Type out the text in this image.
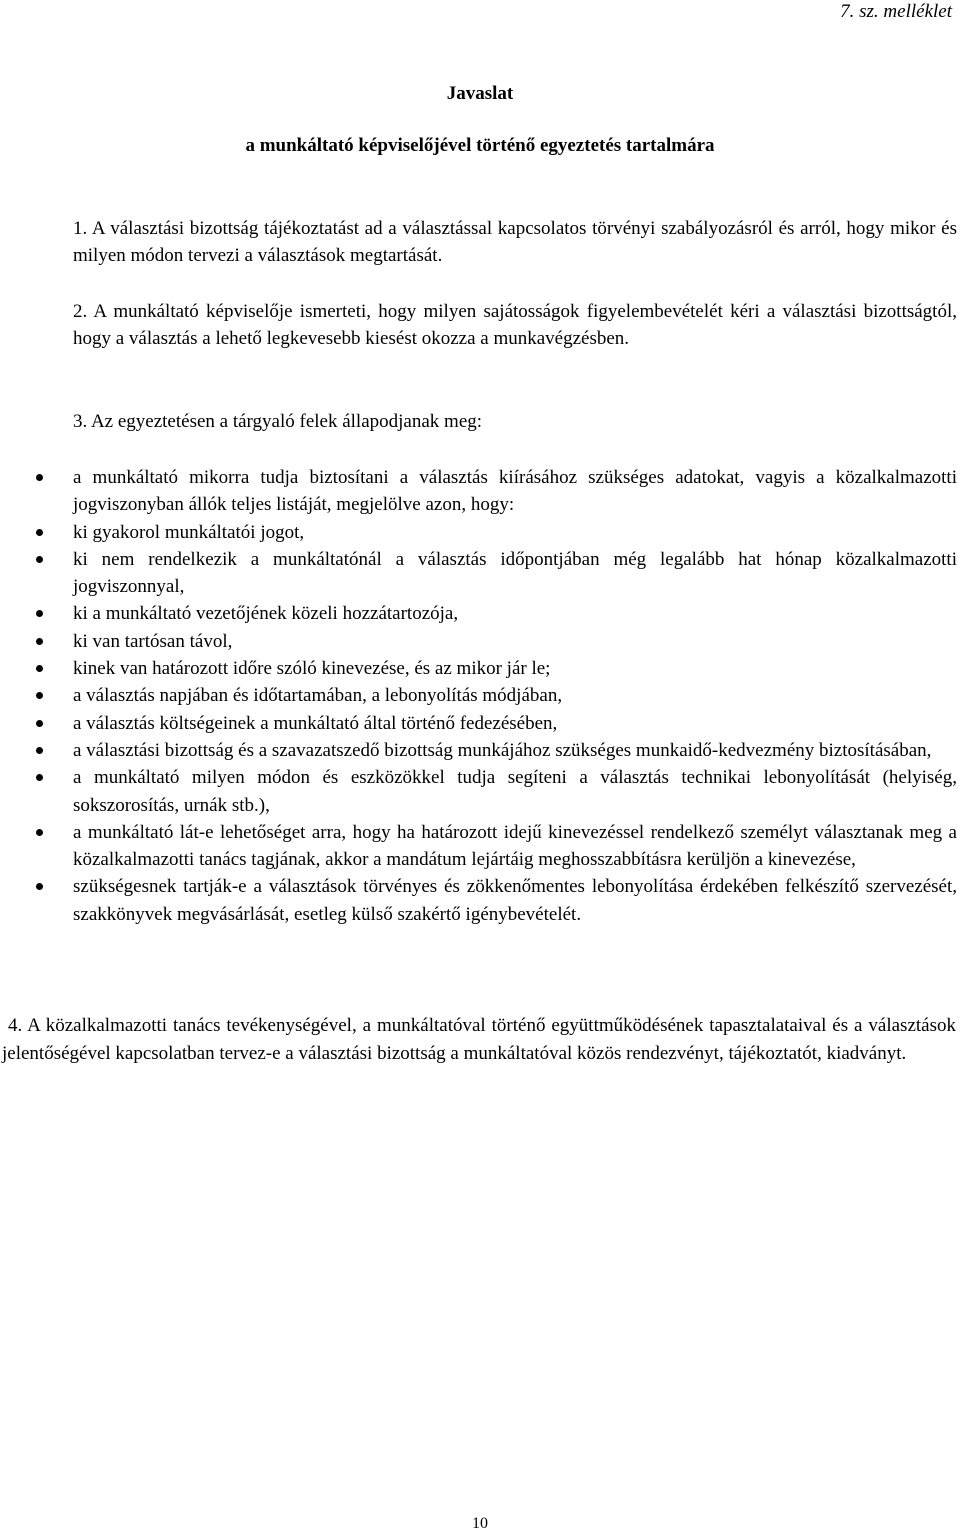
7. sz. melléklet
Javaslat
a munkáltató képviselőjével történő egyeztetés tartalmára

1. A választási bizottság tájékoztatást ad a választással kapcsolatos törvényi szabályozásról és arról, hogy mikor és milyen módon tervezi a választások megtartását.

2. A munkáltató képviselője ismerteti, hogy milyen sajátosságok figyelembevételét kéri a választási bizottságtól, hogy a választás a lehető legkevesebb kiesést okozza a munkavégzésben.

3. Az egyeztetésen a tárgyaló felek állapodjanak meg:

a munkáltató mikorra tudja biztosítani a választás kiírásához szükséges adatokat, vagyis a közalkalmazotti jogviszonyban állók teljes listáját, megjelölve azon, hogy:
ki gyakorol munkáltatói jogot,
ki nem rendelkezik a munkáltatónál a választás időpontjában még legalább hat hónap közalkalmazotti jogviszonnyal,
ki a munkáltató vezetőjének közeli hozzátartozója,
ki van tartósan távol,
kinek van határozott időre szóló kinevezése, és az mikor jár le;
a választás napjában és időtartamában, a lebonyolítás módjában,
a választás költségeinek a munkáltató által történő fedezésében,
a választási bizottság és a szavazatszedő bizottság munkájához szükséges munkaidő-kedvezmény biztosításában,
a munkáltató milyen módon és eszközökkel tudja segíteni a választás technikai lebonyolítását (helyiség, sokszorosítás, urnák stb.),
a munkáltató lát-e lehetőséget arra, hogy ha határozott idejű kinevezéssel rendelkező személyt választanak meg a közalkalmazotti tanács tagjának, akkor a mandátum lejártáig meghosszabbításra kerüljön a kinevezése,
szükségesnek tartják-e a választások törvényes és zökkenőmentes lebonyolítása érdekében felkészítő szervezését, szakkönyvek megvásárlását, esetleg külső szakértő igénybevételét.

4. A közalkalmazotti tanács tevékenységével, a munkáltatóval történő együttműködésének tapasztalataival és a választások jelentőségével kapcsolatban tervez-e a választási bizottság a munkáltatóval közös rendezvényt, tájékoztatót, kiadványt.

10
